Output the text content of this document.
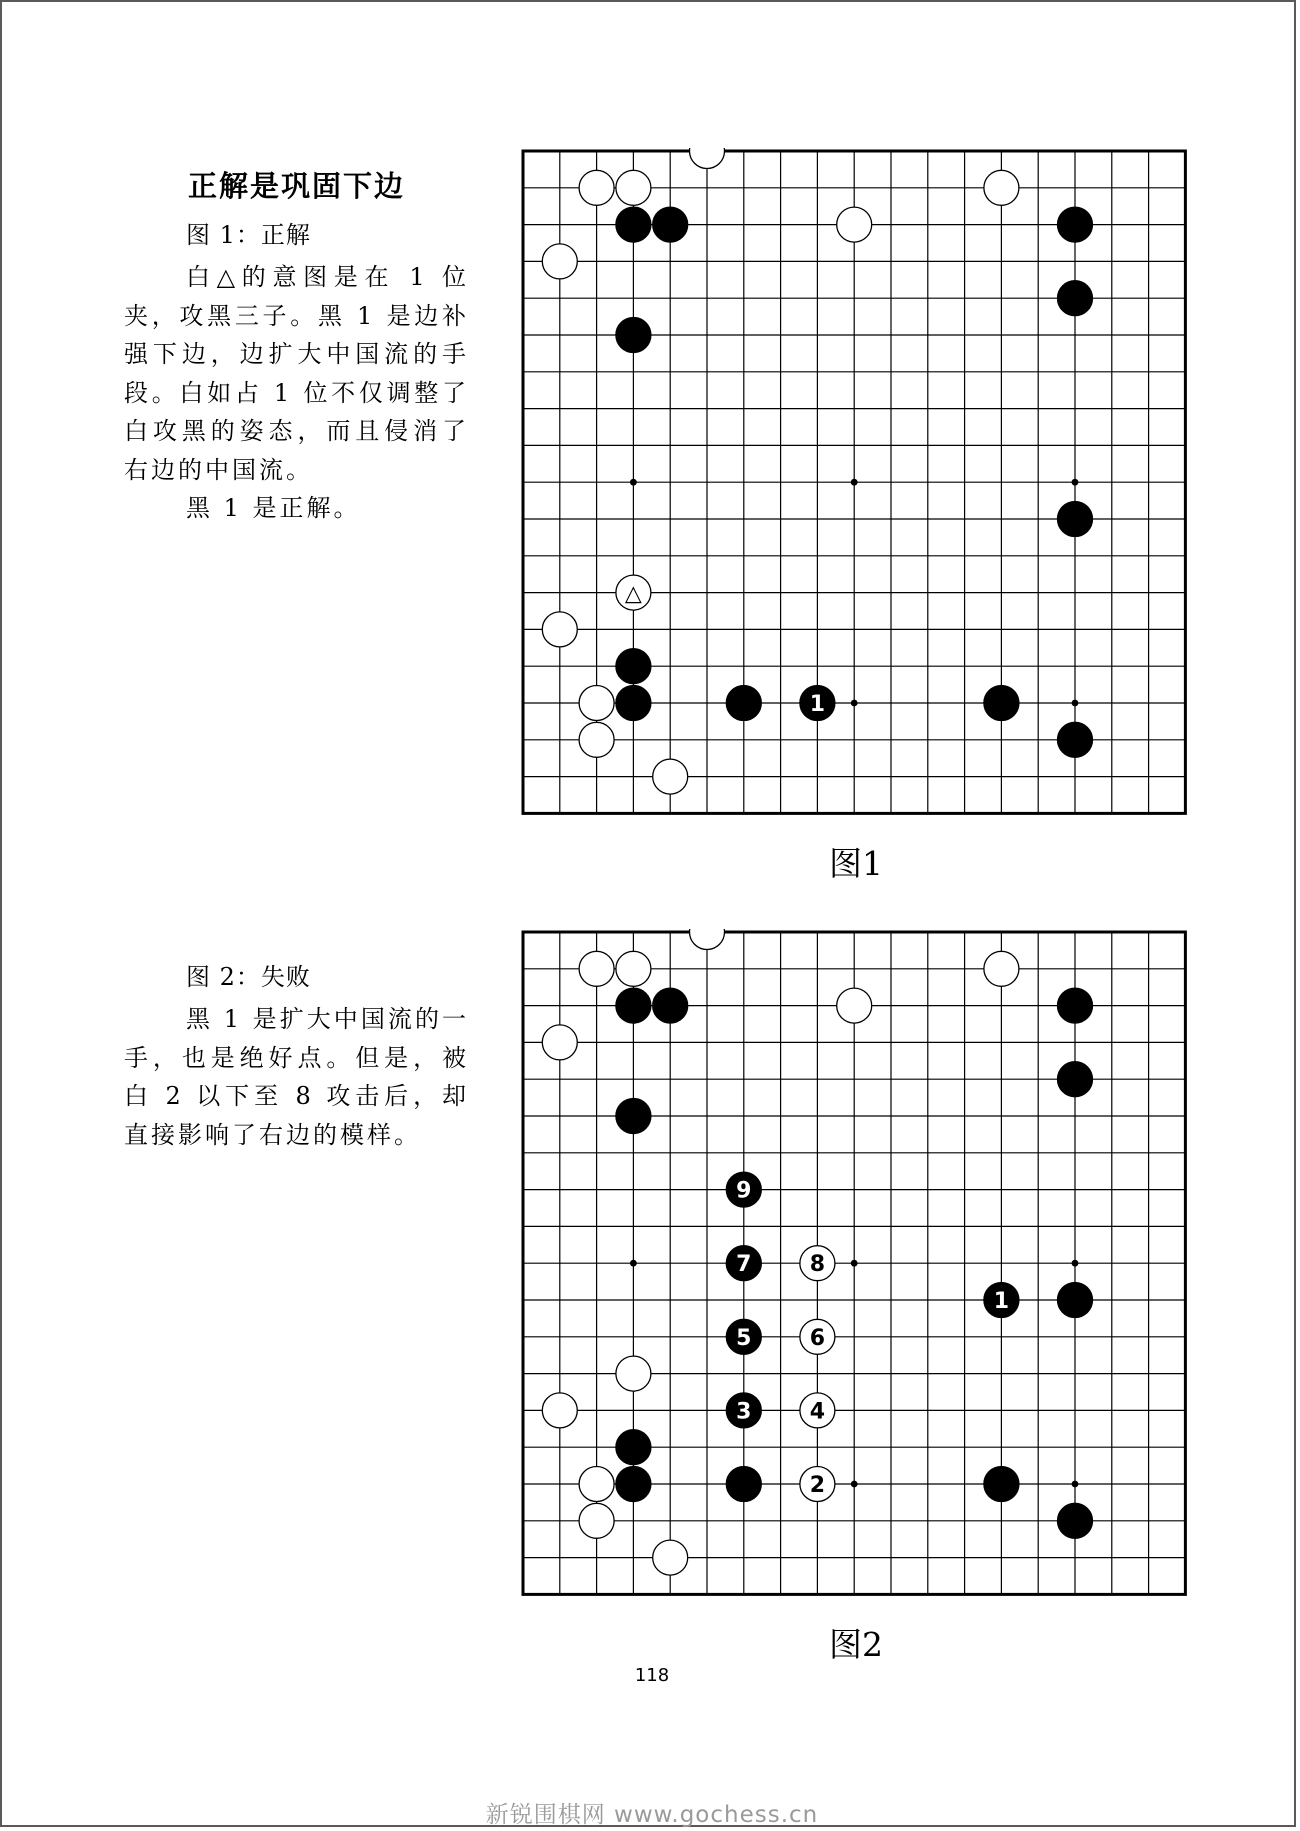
正解是巩固下边
图 1：正解

白△的意图是在 1 位夹，攻黑三子。黑 1 是边补强下边，边扩大中国流的手段。白如占 1 位不仅调整了白攻黑的姿态，而且侵消了右边的中国流。

黑 1 是正解。

△
1
图1
图 2：失败

黑 1 是扩大中国流的一手，也是绝好点。但是，被白 2 以下至 8 攻击后，却直接影响了右边的模样。

9
7	8
1
5	6
3	4
2
图2
118
新锐围棋网 www.gochess.cn
